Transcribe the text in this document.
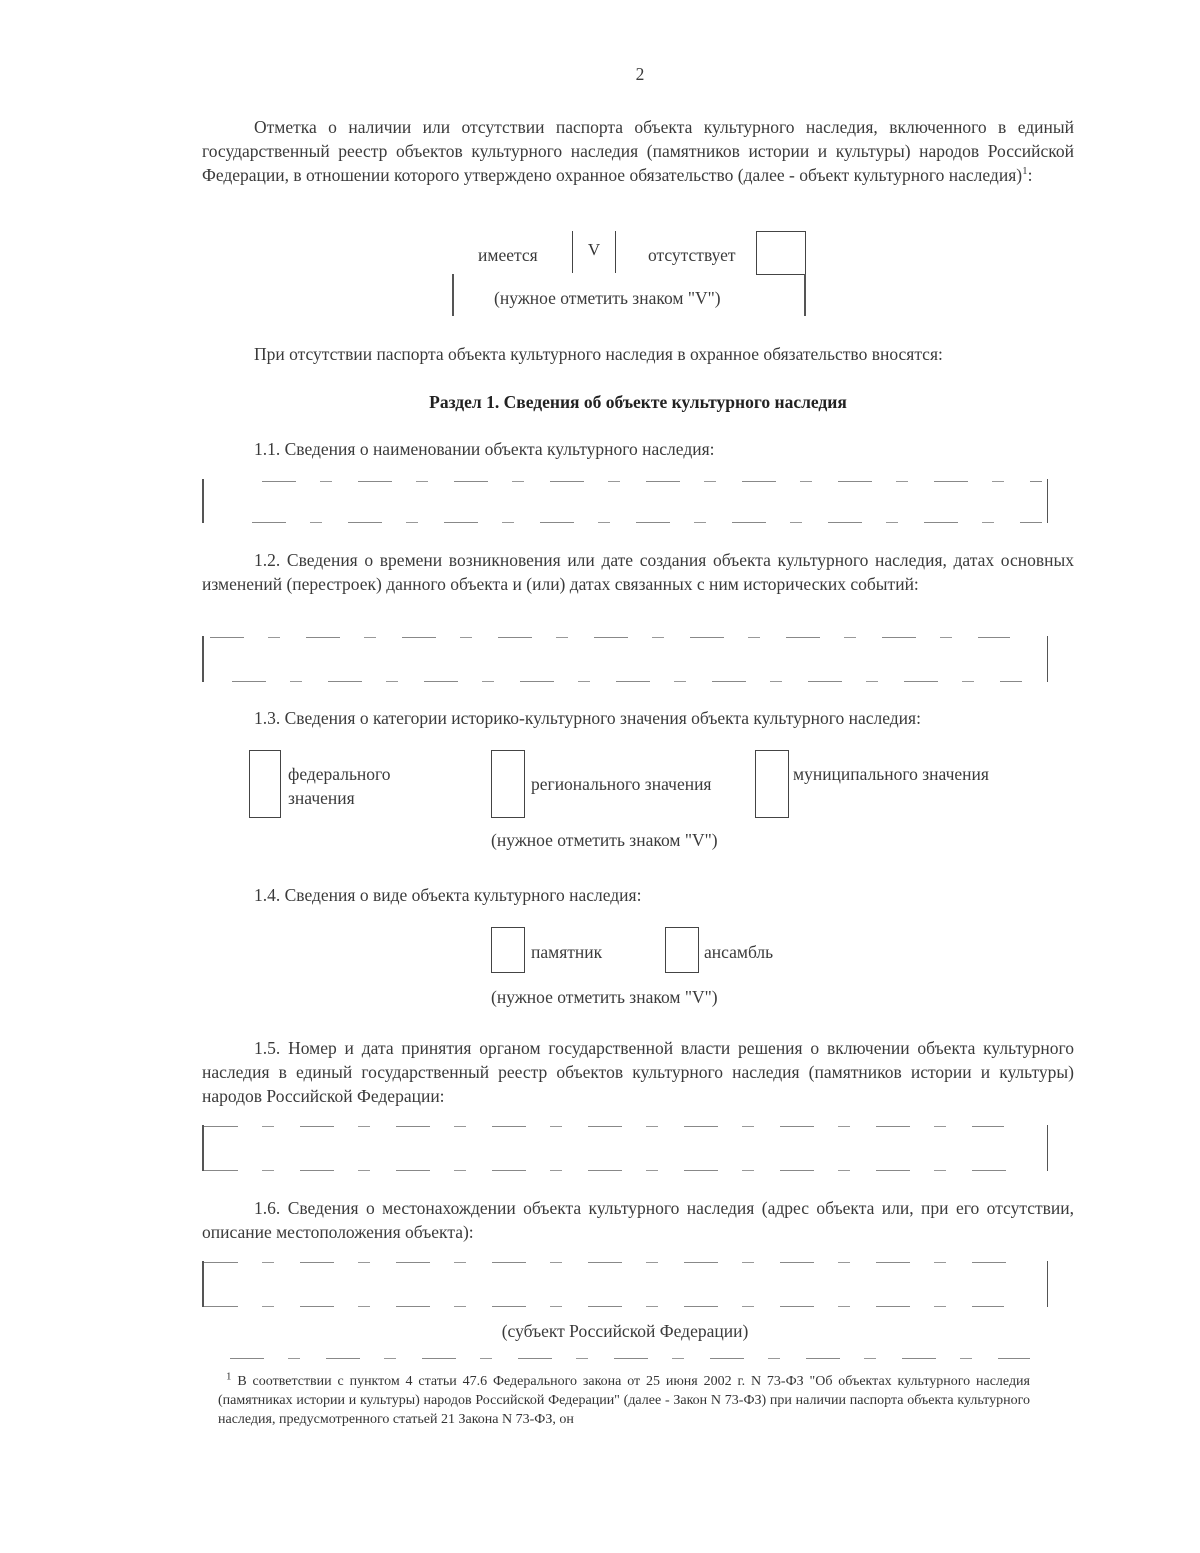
2
Отметка о наличии или отсутствии паспорта объекта культурного наследия, включенного в единый государственный реестр объектов культурного наследия (памятников истории и культуры) народов Российской Федерации, в отношении которого утверждено охранное обязательство (далее - объект культурного наследия)$^1$:
имеется	V	отсутствует
(нужное отметить знаком "V")
При отсутствии паспорта объекта культурного наследия в охранное обязательство вносятся:
Раздел 1. Сведения об объекте культурного наследия
1.1. Сведения о наименовании объекта культурного наследия:
1.2. Сведения о времени возникновения или дате создания объекта культурного наследия, датах основных изменений (перестроек) данного объекта и (или) датах связанных с ним исторических событий:
1.3. Сведения о категории историко-культурного значения объекта культурного наследия:
федерального значения
регионального значения	муниципального значения
(нужное отметить знаком "V")
1.4. Сведения о виде объекта культурного наследия:
памятник	ансамбль
(нужное отметить знаком "V")
1.5. Номер и дата принятия органом государственной власти решения о включении объекта культурного наследия в единый государственный реестр объектов культурного наследия (памятников истории и культуры) народов Российской Федерации:
1.6. Сведения о местонахождении объекта культурного наследия (адрес объекта или, при его отсутствии, описание местоположения объекта):
(субъект Российской Федерации)
$^1$ В соответствии с пунктом 4 статьи 47.6 Федерального закона от 25 июня 2002 г. N 73-ФЗ "Об объектах культурного наследия (памятниках истории и культуры) народов Российской Федерации" (далее - Закон N 73-ФЗ) при наличии паспорта объекта культурного наследия, предусмотренного статьей 21 Закона N 73-ФЗ, он
